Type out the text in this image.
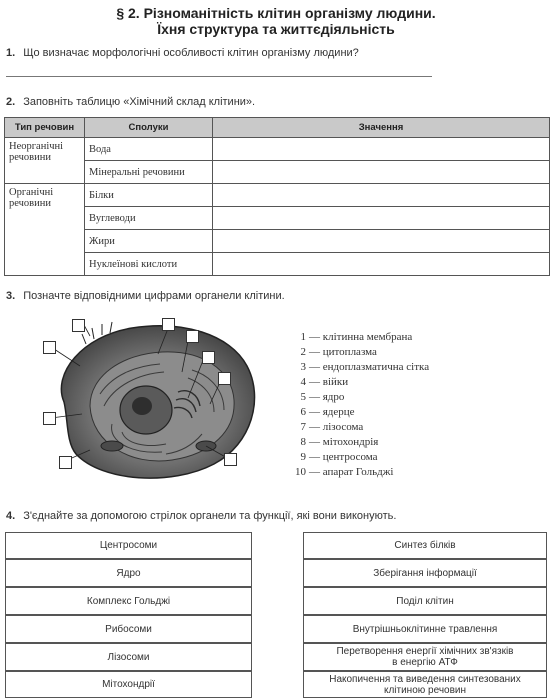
§ 2. Різноманітність клітин організму людини.
Їхня структура та життєдіяльність
1. Що визначає морфологічні особливості клітин організму людини?
2. Заповніть таблицю «Хімічний склад клітини».
Тип речовин	Сполуки	Значення
Неорганічні речовини	Вода	
	Мінеральні речовини	
Органічні речовини	Білки	
	Вуглеводи	
	Жири	
	Нуклеїнові кислоти	
3. Позначте відповідними цифрами органели клітини.
1 — клітинна мембрана
2 — цитоплазма
3 — ендоплазматична сітка
4 — війки
5 — ядро
6 — ядерце
7 — лізосома
8 — мітохондрія
9 — центросома
10 — апарат Гольджі
4. З'єднайте за допомогою стрілок органели та функції, які вони виконують.
Центросоми
Ядро
Комплекс Гольджі
Рибосоми
Лізосоми
Мітохондрії
Синтез білків
Зберігання інформації
Поділ клітин
Внутрішньоклітинне травлення
Перетворення енергії хімічних зв'язків в енергію АТФ
Накопичення та виведення синтезованих клітиною речовин
